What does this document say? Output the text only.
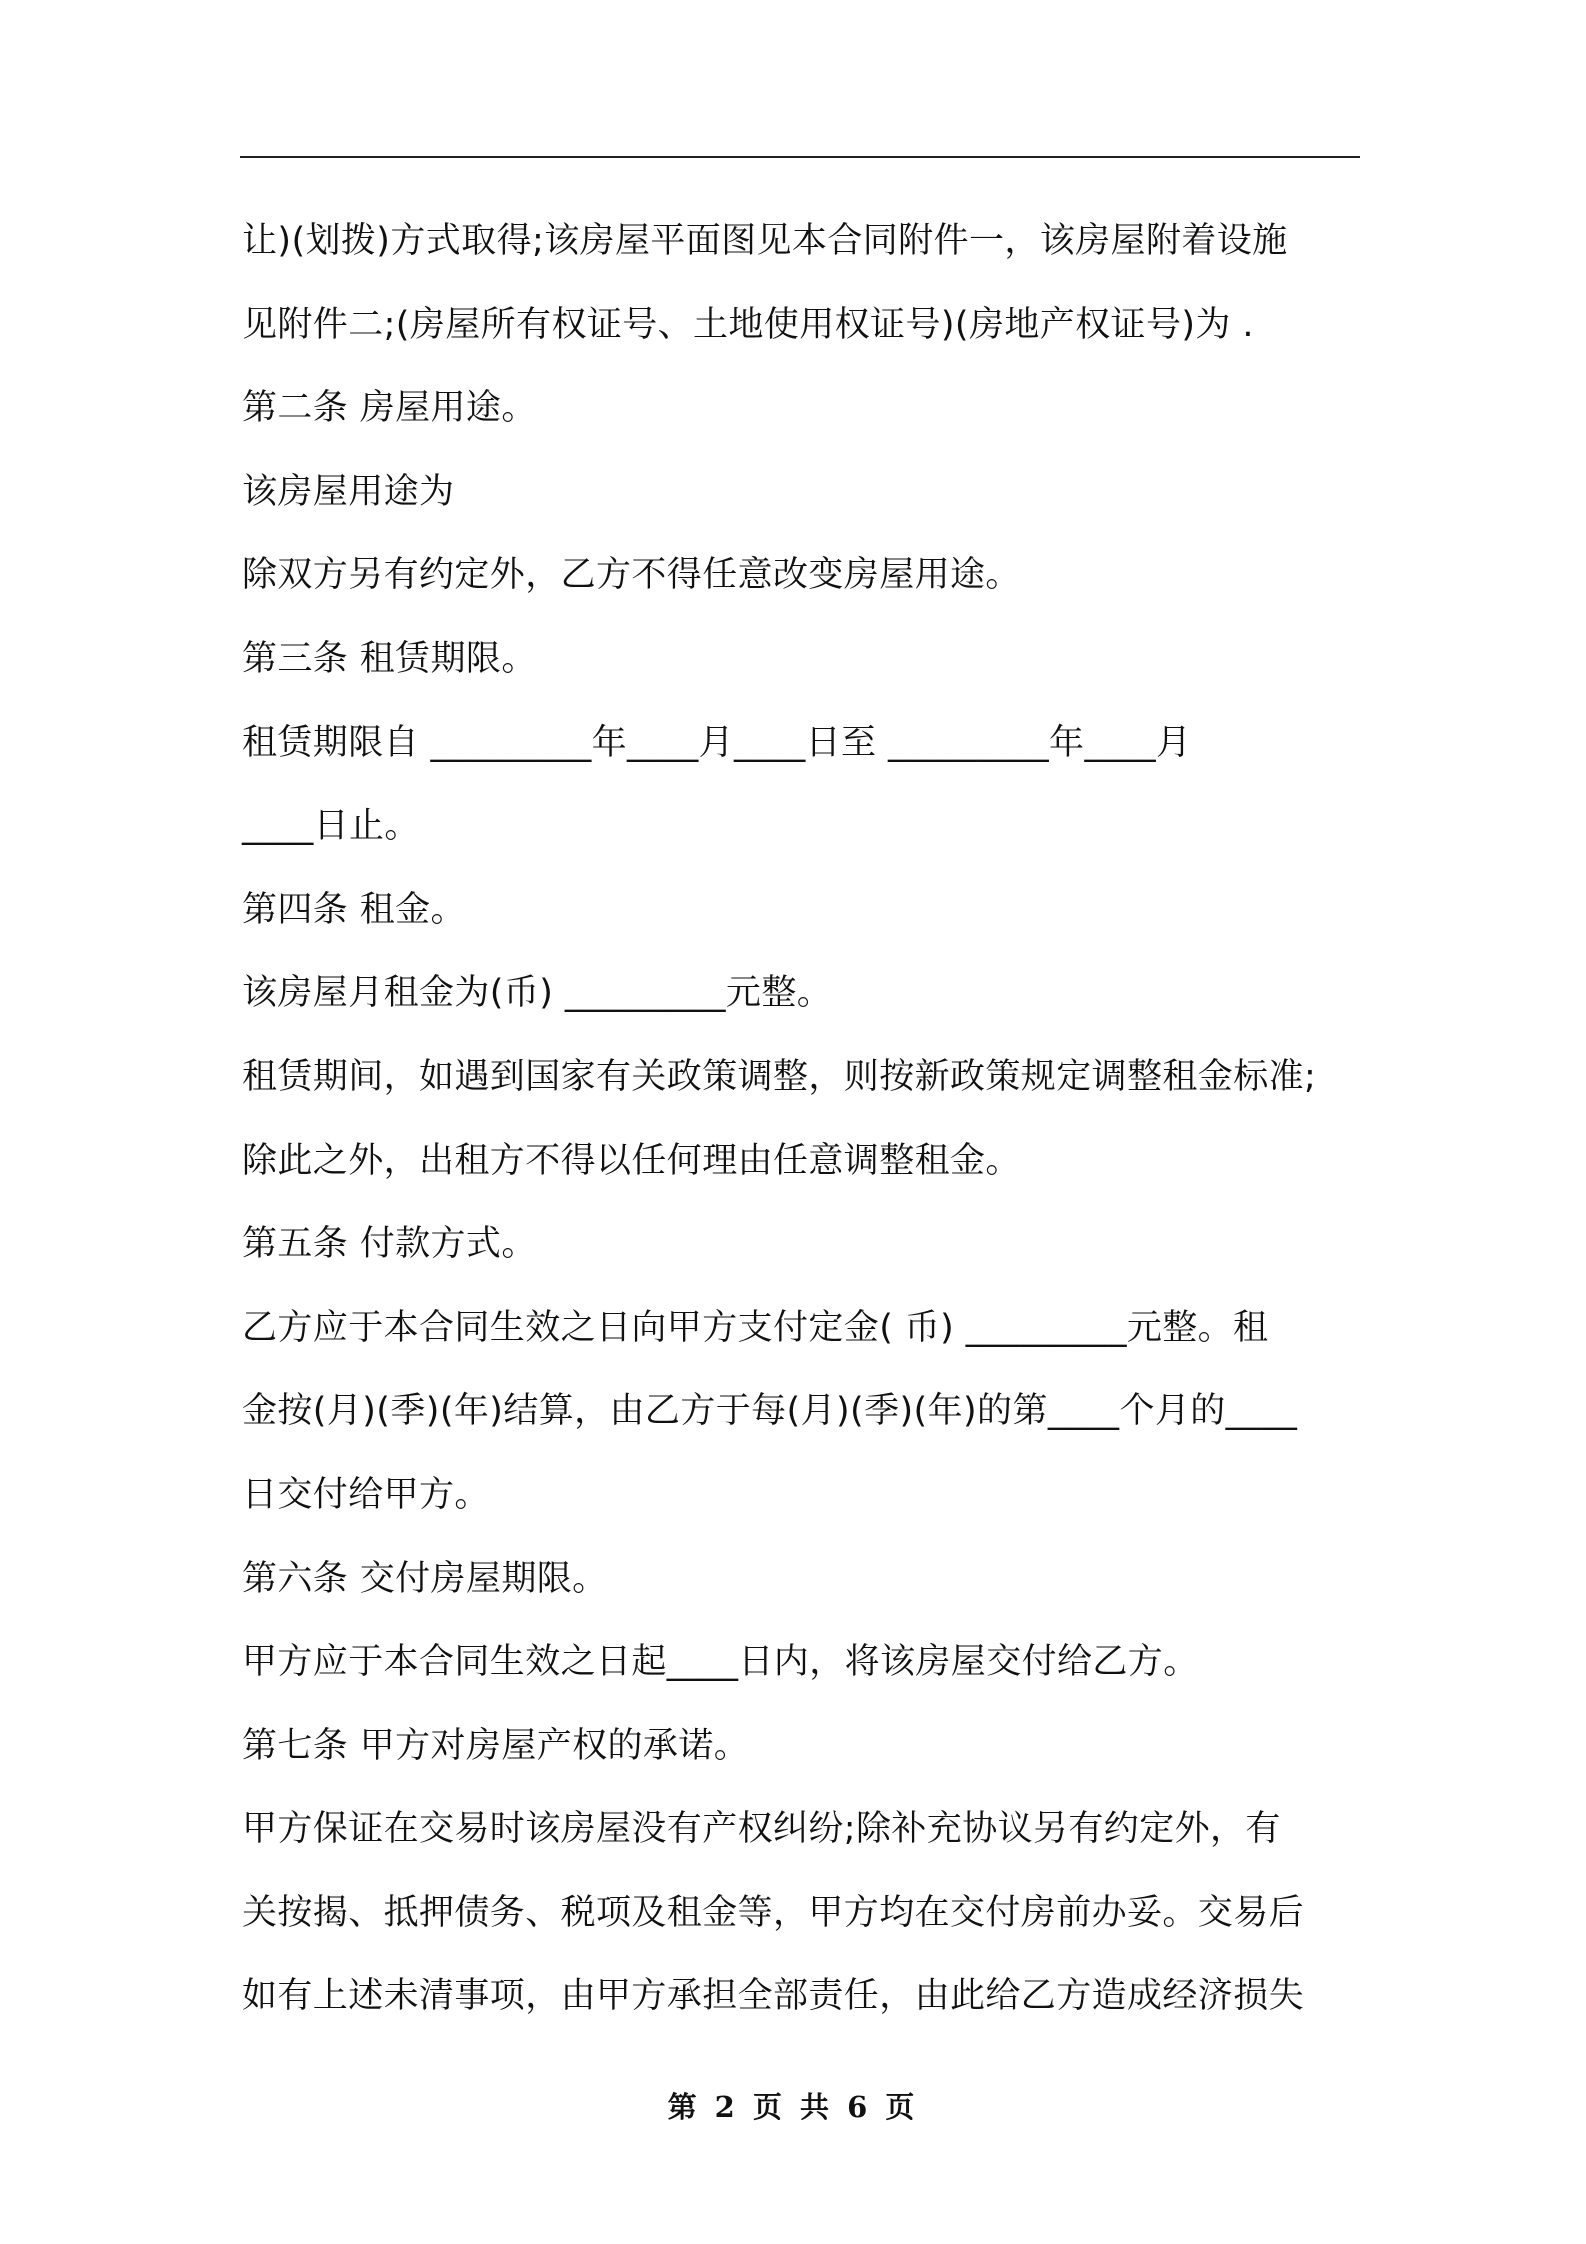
让)(划拨)方式取得;该房屋平面图见本合同附件一，该房屋附着设施
见附件二;(房屋所有权证号、土地使用权证号)(房地产权证号)为 .
第二条 房屋用途。
该房屋用途为
除双方另有约定外，乙方不得任意改变房屋用途。
第三条 租赁期限。
租赁期限自 _________年____月____日至 _________年____月
____日止。
第四条 租金。
该房屋月租金为(币) _________元整。
租赁期间，如遇到国家有关政策调整，则按新政策规定调整租金标准;
除此之外，出租方不得以任何理由任意调整租金。
第五条 付款方式。
乙方应于本合同生效之日向甲方支付定金( 币) _________元整。租
金按(月)(季)(年)结算，由乙方于每(月)(季)(年)的第____个月的____
日交付给甲方。
第六条 交付房屋期限。
甲方应于本合同生效之日起____日内，将该房屋交付给乙方。
第七条 甲方对房屋产权的承诺。
甲方保证在交易时该房屋没有产权纠纷;除补充协议另有约定外，有
关按揭、抵押债务、税项及租金等，甲方均在交付房前办妥。交易后
如有上述未清事项，由甲方承担全部责任，由此给乙方造成经济损失
第 2 页 共 6 页
